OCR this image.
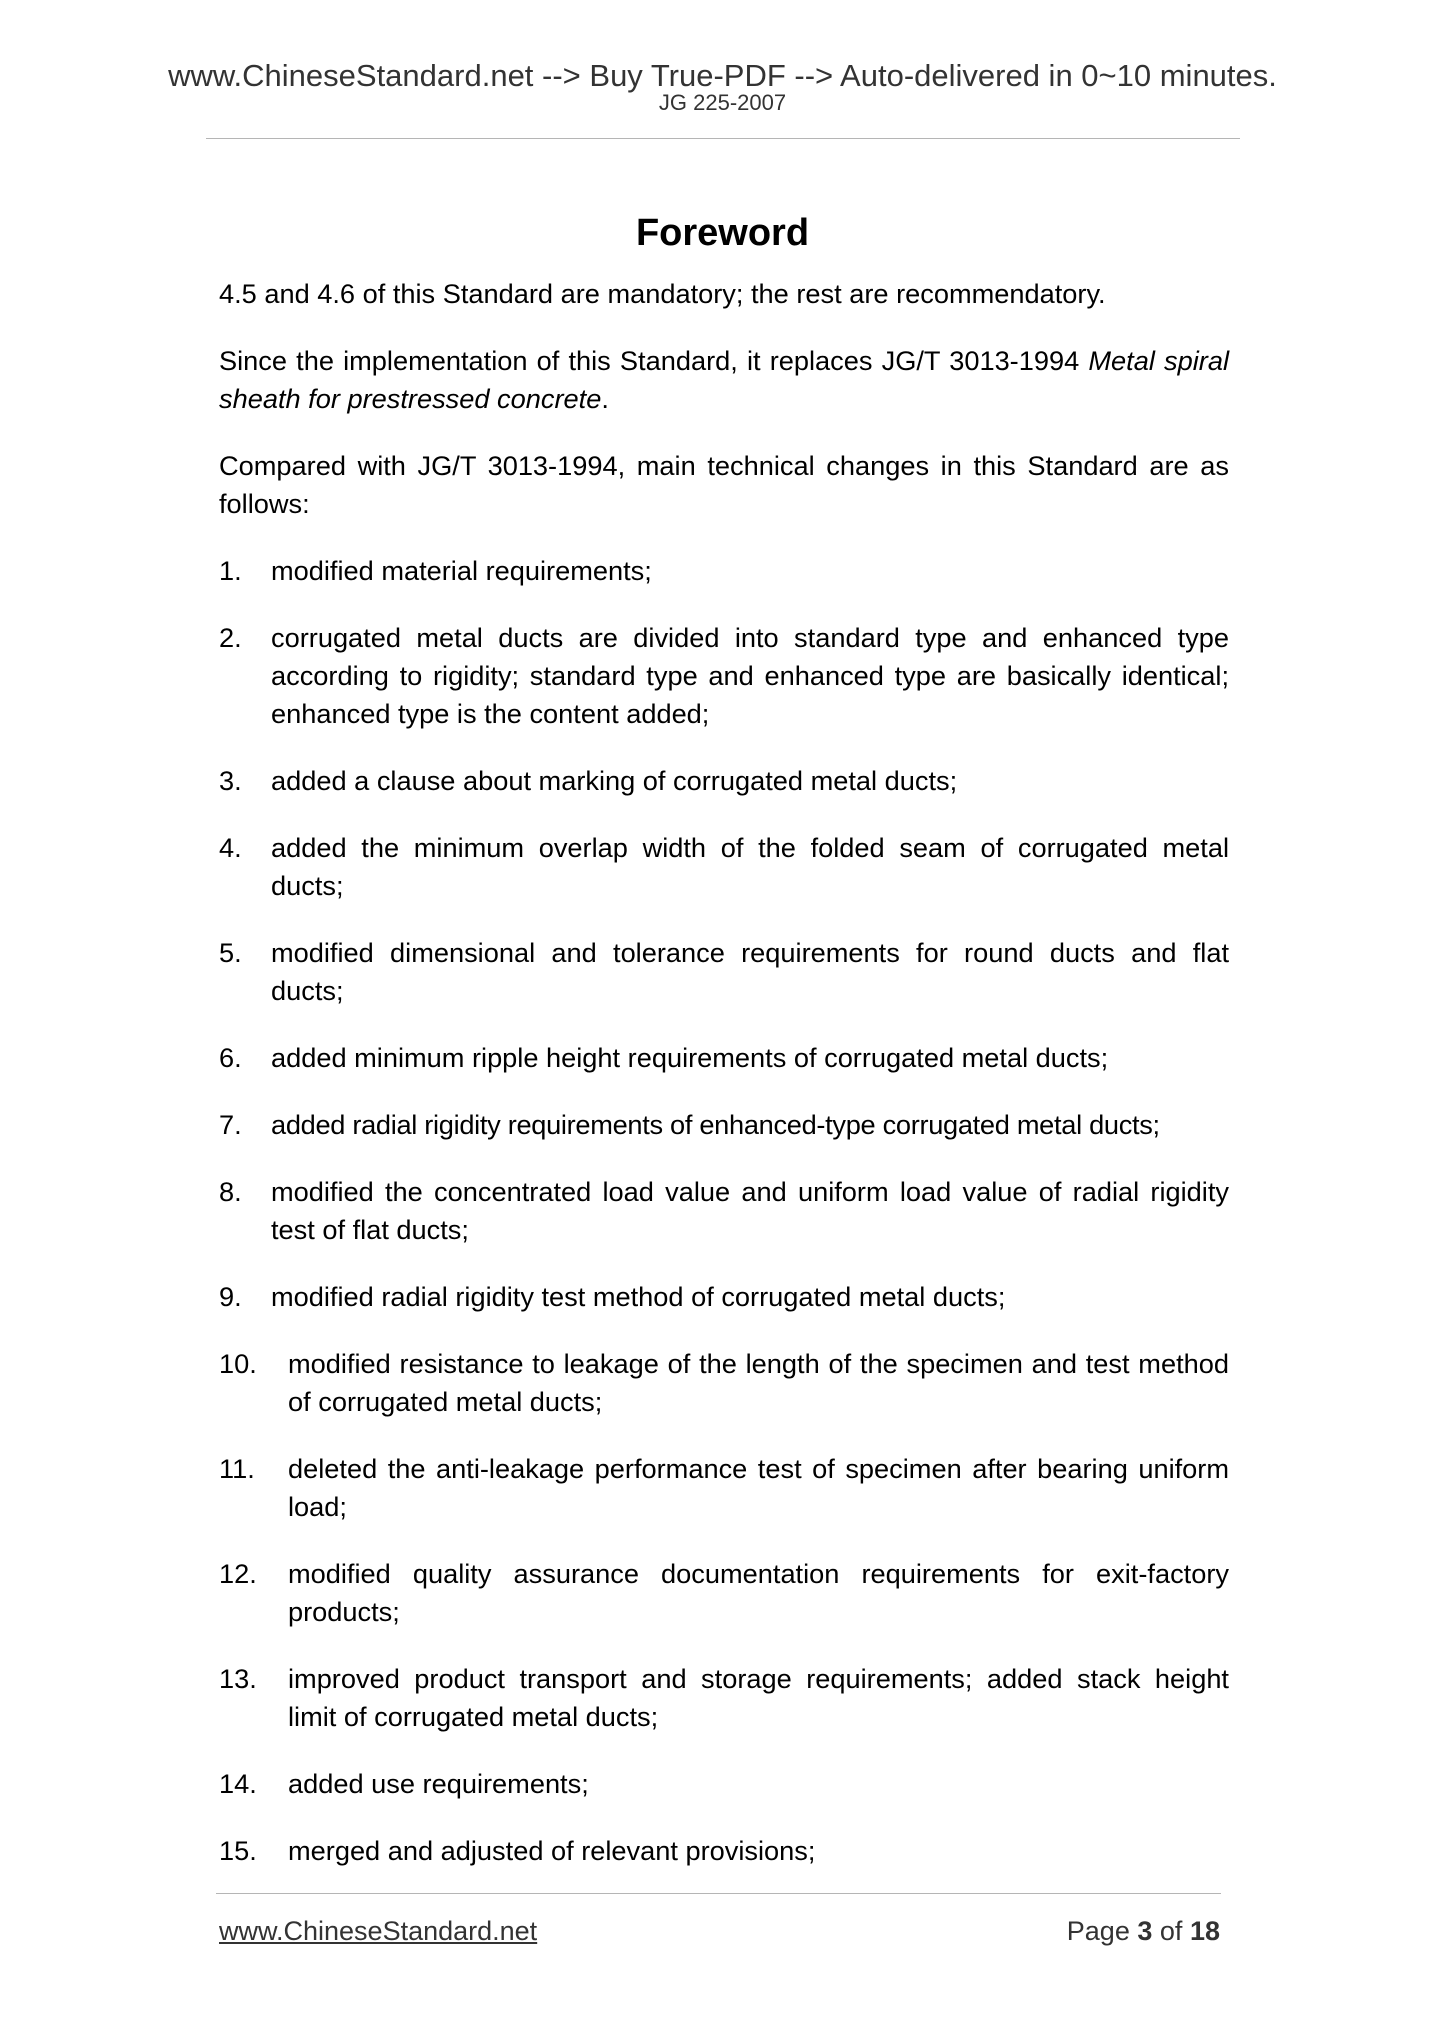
www.ChineseStandard.net --> Buy True-PDF --> Auto-delivered in 0~10 minutes.
JG 225-2007
Foreword

4.5 and 4.6 of this Standard are mandatory; the rest are recommendatory.

Since the implementation of this Standard, it replaces JG/T 3013-1994 Metal spiral sheath for prestressed concrete.

Compared with JG/T 3013-1994, main technical changes in this Standard are as follows:

1.	modified material requirements;
2.	corrugated metal ducts are divided into standard type and enhanced type according to rigidity; standard type and enhanced type are basically identical; enhanced type is the content added;
3.	added a clause about marking of corrugated metal ducts;
4.	added the minimum overlap width of the folded seam of corrugated metal ducts;
5.	modified dimensional and tolerance requirements for round ducts and flat ducts;
6.	added minimum ripple height requirements of corrugated metal ducts;
7.	added radial rigidity requirements of enhanced-type corrugated metal ducts;
8.	modified the concentrated load value and uniform load value of radial rigidity test of flat ducts;
9.	modified radial rigidity test method of corrugated metal ducts;
10.	modified resistance to leakage of the length of the specimen and test method of corrugated metal ducts;
11.	deleted the anti-leakage performance test of specimen after bearing uniform load;
12.	modified quality assurance documentation requirements for exit-factory products;
13.	improved product transport and storage requirements; added stack height limit of corrugated metal ducts;
14.	added use requirements;
15.	merged and adjusted of relevant provisions;
www.ChineseStandard.net	Page 3 of 18
